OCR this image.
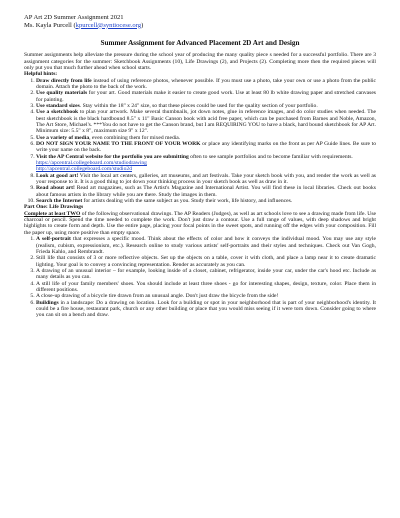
AP Art 2D Summer Assignment 2021
Ms. Kayla Purcell (kpurcell@syntiocese.org)
Summer Assignment for Advanced Placement 2D Art and Design

Summer assignments help alleviate the pressure during the school year of producing the many quality piece s needed for a successful portfolio. There are 3 assignment categories for the summer: Sketchbook Assignments (10), Life Drawings (2), and Projects (2). Completing more then the required pieces will only put you that much further ahead when school starts.

Helpful hints:

1. Draw directly from life instead of using reference photos, whenever possible. If you must use a photo, take your own or use a photo from the public domain. Attach the photo to the back of the work.
2. Use quality materials for your art. Good materials make it easier to create good work. Use at least 80 lb white drawing paper and stretched canvases for painting.
3. Use standard sizes. Stay within the 18" x 24" size, so that these pieces could be used for the quality section of your portfolio.
4. Use a sketchbook to plan your artwork. Make several thumbnails, jot down notes, glue in reference images, and do color studies when needed. The best sketchbook is the black hardbound 8.5" x 11" Basic Canson book with acid free paper, which can be purchased from Barnes and Noble, Amazon, The Art Store, Michael's. ***You do not have to get the Canson brand, but I am REQUIRING YOU to have a black, hard bound sketchbook for AP Art. Minimum size: 5.5" x 8", maximum size 9" x 12".
5. Use a variety of media, even combining them for mixed media.
6. DO NOT SIGN YOUR NAME TO THE FRONT OF YOUR WORK or place any identifying marks on the front as per AP Guide lines. Be sure to write your name on the back.
7. Visit the AP Central website for the portfolio you are submitting often to see sample portfolios and to become familiar with requirements.
https://apcentral.collegeboard.com/studiodrawing
http://apcentral.collegeboard.com/studio2d
8. Look at good art! Visit the local art centers, galleries, art museums, and art festivals. Take your sketch book with you, and render the work as well as your response to it. It is a good thing to jot down your thinking process in your sketch book as well as draw in it.
9. Read about art! Read art magazines, such as The Artist's Magazine and International Artist. You will find these in local libraries. Check out books about famous artists in the library while you are there. Study the images in them.
10. Search the Internet for artists dealing with the same subject as you. Study their work, life history, and influences.

Part One: Life Drawings

Complete at least TWO of the following observational drawings. The AP Readers (Judges), as well as art schools love to see a drawing made from life. Use charcoal or pencil. Spend the time needed to complete the work. Don't just draw a contour. Use a full range of values, with deep shadows and bright highlights to create form and depth. Use the entire page, placing your focal points in the sweet spots, and running off the edges with your composition. Fill the paper up, using more positive than empty space.

1. A self-portrait that expresses a specific mood. Think about the effects of color and how it conveys the individual mood. You may use any style (realism, cubism, expressionism, etc.). Research online to study various artists' self-portraits and their styles and techniques. Check out Van Gogh, Frieda Kahlo, and Rembrandt.
2. Still life that consists of 3 or more reflective objects. Set up the objects on a table, cover it with cloth, and place a lamp near it to create dramatic lighting. Your goal is to convey a convincing representation. Render as accurately as you can.
3. A drawing of an unusual interior – for example, looking inside of a closet, cabinet, refrigerator, inside your car, under the car's hood etc. Include as many details as you can.
4. A still life of your family members' shoes. You should include at least three shoes - go for interesting shapes, design, texture, color. Place them in different positions.
5. A close-up drawing of a bicycle tire drawn from an unusual angle. Don't just draw the bicycle from the side!
6. Buildings in a landscape: Do a drawing on location. Look for a building or spot in your neighborhood that is part of your neighborhood's identity. It could be a fire house, restaurant park, church or any other building or place that you would miss seeing if it were torn down. Consider going to where you can sit on a bench and draw.
